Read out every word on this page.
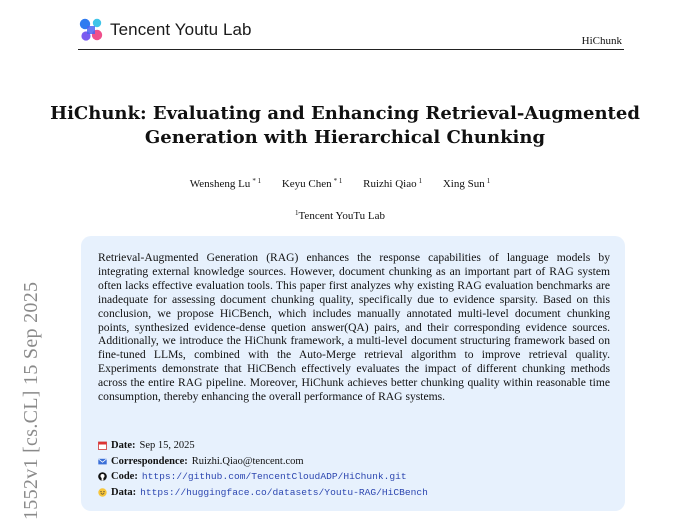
Tencent Youtu Lab
HiChunk
1552v1 [cs.CL] 15 Sep 2025
HiChunk: Evaluating and Enhancing Retrieval-Augmented
Generation with Hierarchical Chunking
Wensheng Lu $^{* 1}$ Keyu Chen $^{* 1}$ Ruizhi Qiao $^1$ Xing Sun $^1$
$^1$Tencent YouTu Lab

Retrieval-Augmented Generation (RAG) enhances the response capabilities of language models by integrating external knowledge sources. However, document chunking as an important part of RAG system often lacks effective evaluation tools. This paper first analyzes why existing RAG evaluation benchmarks are inadequate for assessing document chunking quality, specifically due to evidence sparsity. Based on this conclusion, we propose HiCBench, which includes manually annotated multi-level document chunking points, synthesized evidence-dense quetion answer(QA) pairs, and their corresponding evidence sources. Additionally, we introduce the HiChunk framework, a multi-level document structuring framework based on fine-tuned LLMs, combined with the Auto-Merge retrieval algorithm to improve retrieval quality. Experiments demonstrate that HiCBench effectively evaluates the impact of different chunking methods across the entire RAG pipeline. Moreover, HiChunk achieves better chunking quality within reasonable time consumption, thereby enhancing the overall performance of RAG systems.

Date: Sep 15, 2025
Correspondence: Ruizhi.Qiao@tencent.com
Code: https://github.com/TencentCloudADP/HiChunk.git
Data: https://huggingface.co/datasets/Youtu-RAG/HiCBench
